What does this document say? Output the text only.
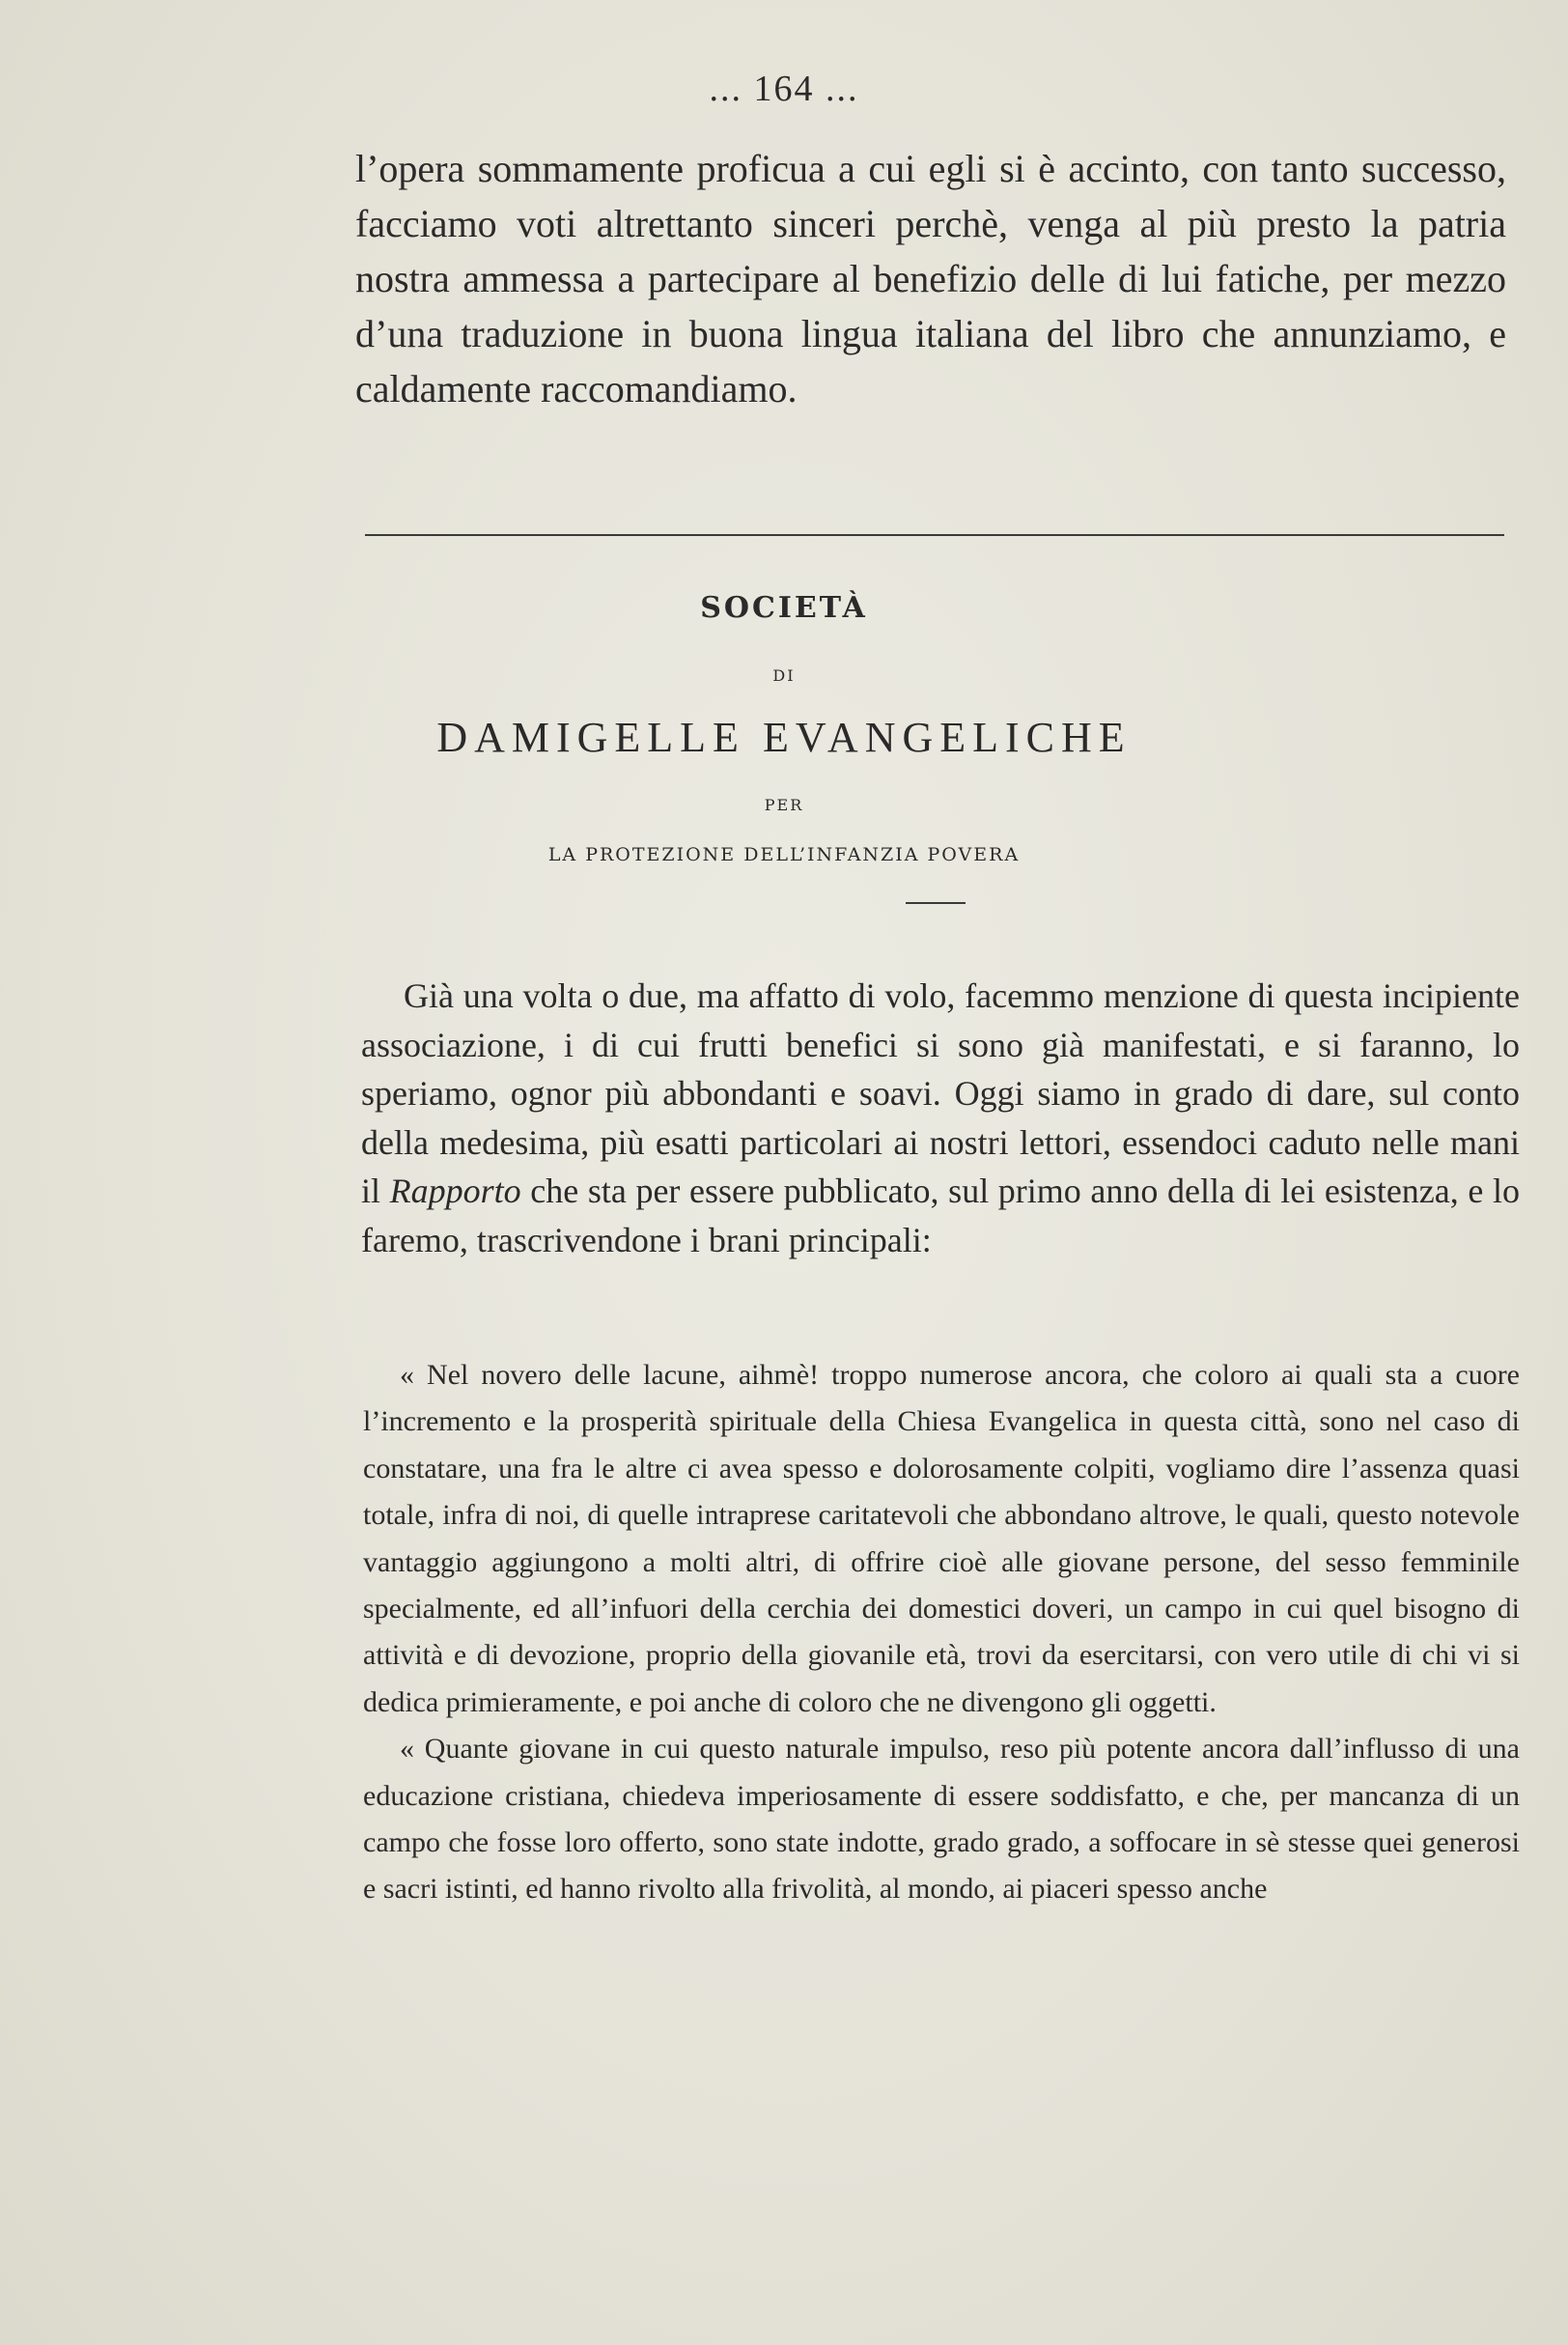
... 164 ...

l’opera sommamente proficua a cui egli si è accinto, con tanto successo, facciamo voti altrettanto sinceri perchè, venga al più presto la patria nostra ammessa a partecipare al benefizio delle di lui fatiche, per mezzo d’una traduzione in buona lingua italiana del libro che annunziamo, e caldamente raccomandiamo.

SOCIETÀ
DI
DAMIGELLE EVANGELICHE
PER
LA PROTEZIONE DELL’INFANZIA POVERA

Già una volta o due, ma affatto di volo, facemmo menzione di questa incipiente associazione, i di cui frutti benefici si sono già manifestati, e si faranno, lo speriamo, ognor più abbondanti e soavi. Oggi siamo in grado di dare, sul conto della medesima, più esatti particolari ai nostri lettori, essendoci caduto nelle mani il Rapporto che sta per essere pubblicato, sul primo anno della di lei esistenza, e lo faremo, trascrivendone i brani principali:

« Nel novero delle lacune, aihmè! troppo numerose ancora, che coloro ai quali sta a cuore l’incremento e la prosperità spirituale della Chiesa Evangelica in questa città, sono nel caso di constatare, una fra le altre ci avea spesso e dolorosamente colpiti, vogliamo dire l’assenza quasi totale, infra di noi, di quelle intraprese caritatevoli che abbondano altrove, le quali, questo notevole vantaggio aggiungono a molti altri, di offrire cioè alle giovane persone, del sesso femminile specialmente, ed all’infuori della cerchia dei domestici doveri, un campo in cui quel bisogno di attività e di devozione, proprio della giovanile età, trovi da esercitarsi, con vero utile di chi vi si dedica primieramente, e poi anche di coloro che ne divengono gli oggetti.

« Quante giovane in cui questo naturale impulso, reso più potente ancora dall’influsso di una educazione cristiana, chiedeva imperiosamente di essere soddisfatto, e che, per mancanza di un campo che fosse loro offerto, sono state indotte, grado grado, a soffocare in sè stesse quei generosi e sacri istinti, ed hanno rivolto alla frivolità, al mondo, ai piaceri spesso anche
